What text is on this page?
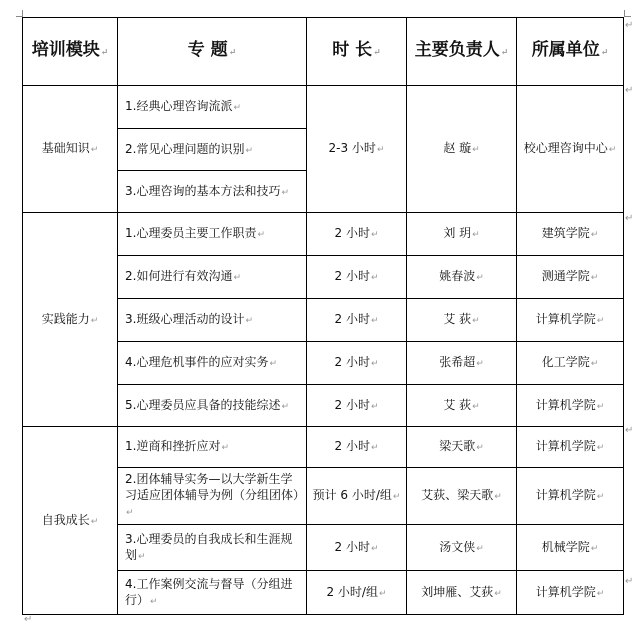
培训模块↵	专 题↵	时 长↵	主要负责人↵	所属单位↵
基础知识↵	1.经典心理咨询流派↵	2-3 小时↵	赵 璇↵	校心理咨询中心↵
	2.常见心理问题的识别↵			
	3.心理咨询的基本方法和技巧↵			
实践能力↵	1.心理委员主要工作职责↵	2 小时↵	刘 玥↵	建筑学院↵
	2.如何进行有效沟通↵	2 小时↵	姚春波↵	测通学院↵
	3.班级心理活动的设计↵	2 小时↵	艾 荻↵	计算机学院↵
	4.心理危机事件的应对实务↵	2 小时↵	张希超↵	化工学院↵
	5.心理委员应具备的技能综述↵	2 小时↵	艾 荻↵	计算机学院↵
自我成长↵	1.逆商和挫折应对↵	2 小时↵	梁天歌↵	计算机学院↵
	2.团体辅导实务—以大学新生学习适应团体辅导为例（分组团体）↵	预计 6 小时/组↵	艾荻、梁天歌↵	计算机学院↵
	3.心理委员的自我成长和生涯规划↵	2 小时↵	汤文侠↵	机械学院↵
	4.工作案例交流与督导（分组进行）↵	2 小时/组↵	刘坤雁、艾荻↵	计算机学院↵
↵
↵
↵
↵
↵
↵
